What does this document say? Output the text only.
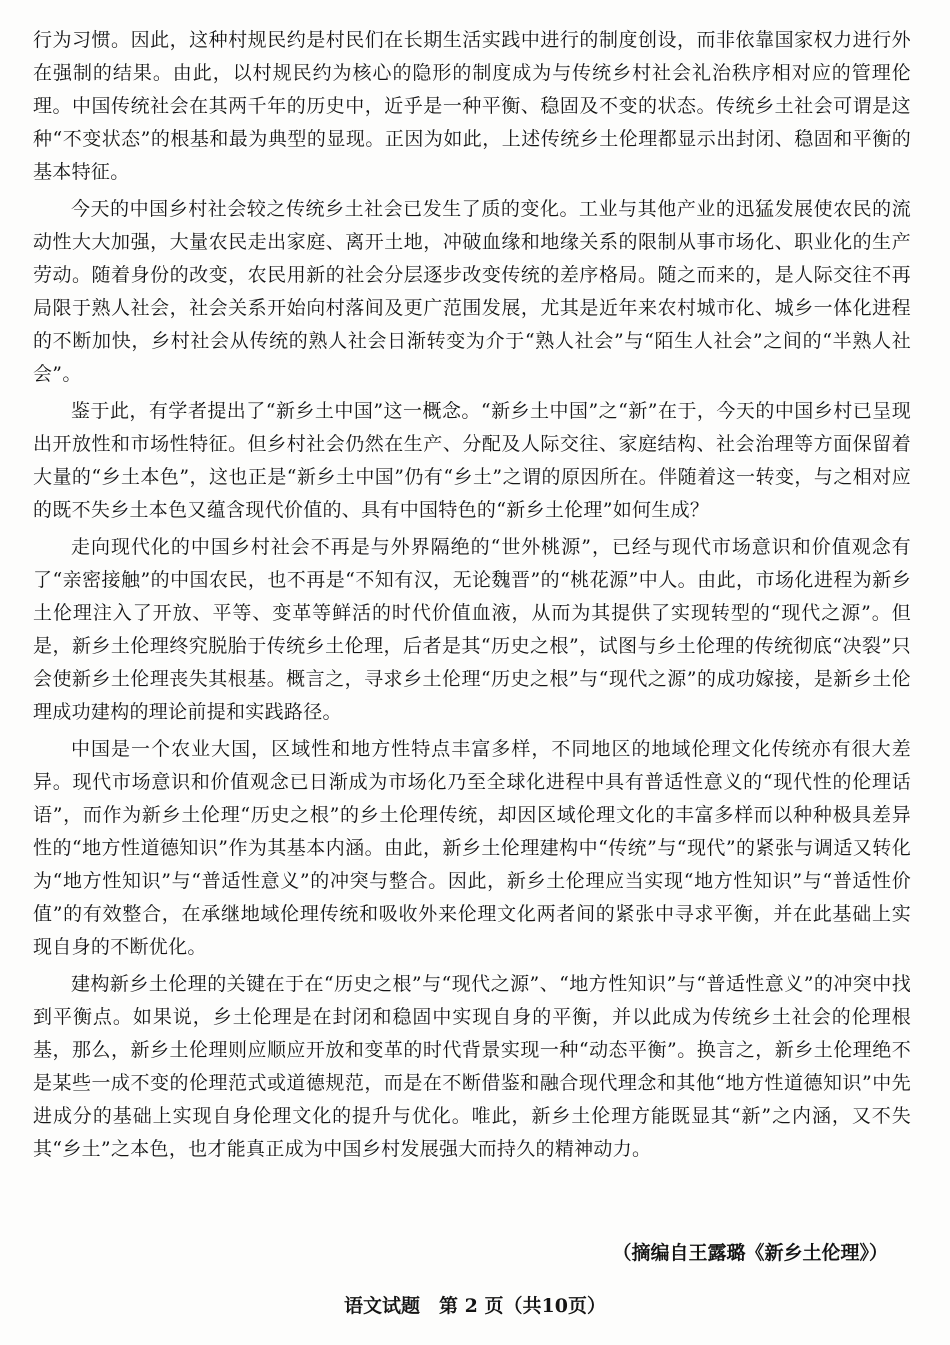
行为习惯。因此，这种村规民约是村民们在长期生活实践中进行的制度创设，而非依靠国家权力进行外在强制的结果。由此，以村规民约为核心的隐形的制度成为与传统乡村社会礼治秩序相对应的管理伦理。中国传统社会在其两千年的历史中，近乎是一种平衡、稳固及不变的状态。传统乡土社会可谓是这种“不变状态”的根基和最为典型的显现。正因为如此，上述传统乡土伦理都显示出封闭、稳固和平衡的基本特征。

今天的中国乡村社会较之传统乡土社会已发生了质的变化。工业与其他产业的迅猛发展使农民的流动性大大加强，大量农民走出家庭、离开土地，冲破血缘和地缘关系的限制从事市场化、职业化的生产劳动。随着身份的改变，农民用新的社会分层逐步改变传统的差序格局。随之而来的，是人际交往不再局限于熟人社会，社会关系开始向村落间及更广范围发展，尤其是近年来农村城市化、城乡一体化进程的不断加快，乡村社会从传统的熟人社会日渐转变为介于“熟人社会”与“陌生人社会”之间的“半熟人社会”。

鉴于此，有学者提出了“新乡土中国”这一概念。“新乡土中国”之“新”在于，今天的中国乡村已呈现出开放性和市场性特征。但乡村社会仍然在生产、分配及人际交往、家庭结构、社会治理等方面保留着大量的“乡土本色”，这也正是“新乡土中国”仍有“乡土”之谓的原因所在。伴随着这一转变，与之相对应的既不失乡土本色又蕴含现代价值的、具有中国特色的“新乡土伦理”如何生成？

走向现代化的中国乡村社会不再是与外界隔绝的“世外桃源”，已经与现代市场意识和价值观念有了“亲密接触”的中国农民，也不再是“不知有汉，无论魏晋”的“桃花源”中人。由此，市场化进程为新乡土伦理注入了开放、平等、变革等鲜活的时代价值血液，从而为其提供了实现转型的“现代之源”。但是，新乡土伦理终究脱胎于传统乡土伦理，后者是其“历史之根”，试图与乡土伦理的传统彻底“决裂”只会使新乡土伦理丧失其根基。概言之，寻求乡土伦理“历史之根”与“现代之源”的成功嫁接，是新乡土伦理成功建构的理论前提和实践路径。

中国是一个农业大国，区域性和地方性特点丰富多样，不同地区的地域伦理文化传统亦有很大差异。现代市场意识和价值观念已日渐成为市场化乃至全球化进程中具有普适性意义的“现代性的伦理话语”，而作为新乡土伦理“历史之根”的乡土伦理传统，却因区域伦理文化的丰富多样而以种种极具差异性的“地方性道德知识”作为其基本内涵。由此，新乡土伦理建构中“传统”与“现代”的紧张与调适又转化为“地方性知识”与“普适性意义”的冲突与整合。因此，新乡土伦理应当实现“地方性知识”与“普适性价值”的有效整合，在承继地域伦理传统和吸收外来伦理文化两者间的紧张中寻求平衡，并在此基础上实现自身的不断优化。

建构新乡土伦理的关键在于在“历史之根”与“现代之源”、“地方性知识”与“普适性意义”的冲突中找到平衡点。如果说，乡土伦理是在封闭和稳固中实现自身的平衡，并以此成为传统乡土社会的伦理根基，那么，新乡土伦理则应顺应开放和变革的时代背景实现一种“动态平衡”。换言之，新乡土伦理绝不是某些一成不变的伦理范式或道德规范，而是在不断借鉴和融合现代理念和其他“地方性道德知识”中先进成分的基础上实现自身伦理文化的提升与优化。唯此，新乡土伦理方能既显其“新”之内涵，又不失其“乡土”之本色，也才能真正成为中国乡村发展强大而持久的精神动力。

（摘编自王露璐《新乡土伦理》）
语文试题　第 2 页（共10页）
